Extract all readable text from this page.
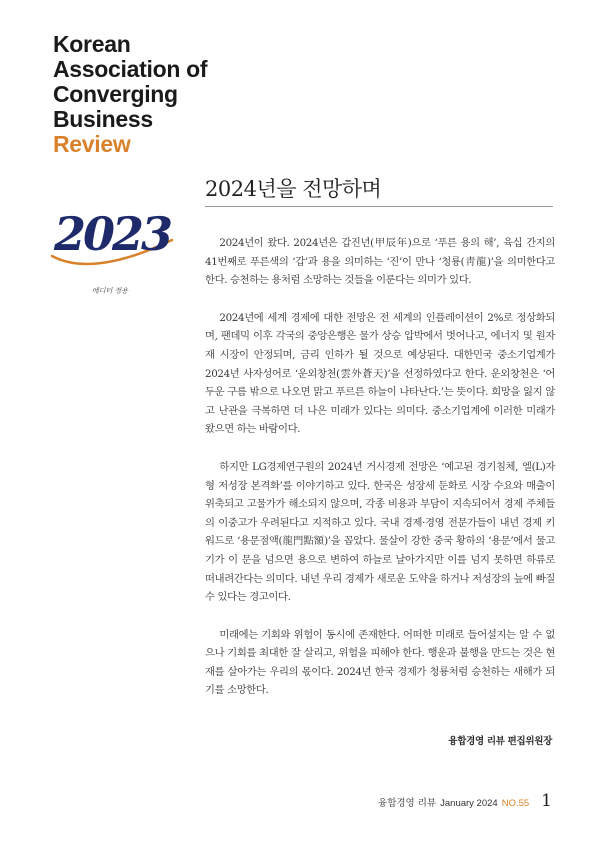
Korean
Association of
Converging
Business
Review
2023
에디터 정용
2024년을 전망하며

2024년이 왔다. 2024년은 갑진년(甲辰年)으로 ‘푸른 용의 해’, 육십 간지의 41번째로 푸른색의 ‘갑’과 용을 의미하는 ‘진’이 만나 ‘청룡(靑龍)’을 의미한다고 한다. 승천하는 용처럼 소망하는 것들을 이룬다는 의미가 있다.

2024년에 세계 경제에 대한 전망은 전 세계의 인플레이션이 2%로 정상화되며, 팬데믹 이후 각국의 중앙은행은 물가 상승 압박에서 벗어나고, 에너지 및 원자재 시장이 안정되며, 금리 인하가 될 것으로 예상된다. 대한민국 중소기업계가 2024년 사자성어로 ‘운외창천(雲外蒼天)’을 선정하였다고 한다. 운외창천은 ‘어두운 구름 밖으로 나오면 맑고 푸르른 하늘이 나타난다.’는 뜻이다. 희망을 잃지 않고 난관을 극복하면 더 나은 미래가 있다는 의미다. 중소기업계에 이러한 미래가 왔으면 하는 바람이다.

하지만 LG경제연구원의 2024년 거시경제 전망은 ‘예고된 경기침체, 엘(L)자형 저성장 본격화’를 이야기하고 있다. 한국은 성장세 둔화로 시장 수요와 매출이 위축되고 고물가가 해소되지 않으며, 각종 비용과 부담이 지속되어서 경제 주체들의 이중고가 우려된다고 지적하고 있다. 국내 경제·경영 전문가들이 내년 경제 키워드로 ‘용문점액(龍門點額)’을 꼽았다. 물살이 강한 중국 황하의 ‘용문’에서 물고기가 이 문을 넘으면 용으로 변하여 하늘로 날아가지만 이를 넘지 못하면 하류로 떠내려간다는 의미다. 내년 우리 경제가 새로운 도약을 하거나 저성장의 늪에 빠질 수 있다는 경고이다.

미래에는 기회와 위험이 동시에 존재한다. 어떠한 미래로 들어설지는 알 수 없으나 기회를 최대한 잘 살리고, 위험을 피해야 한다. 행운과 불행을 만드는 것은 현재를 살아가는 우리의 몫이다. 2024년 한국 경제가 청룡처럼 승천하는 새해가 되기를 소망한다.

융합경영 리뷰 편집위원장
융합경영 리뷰 January 2024 NO.55 1
